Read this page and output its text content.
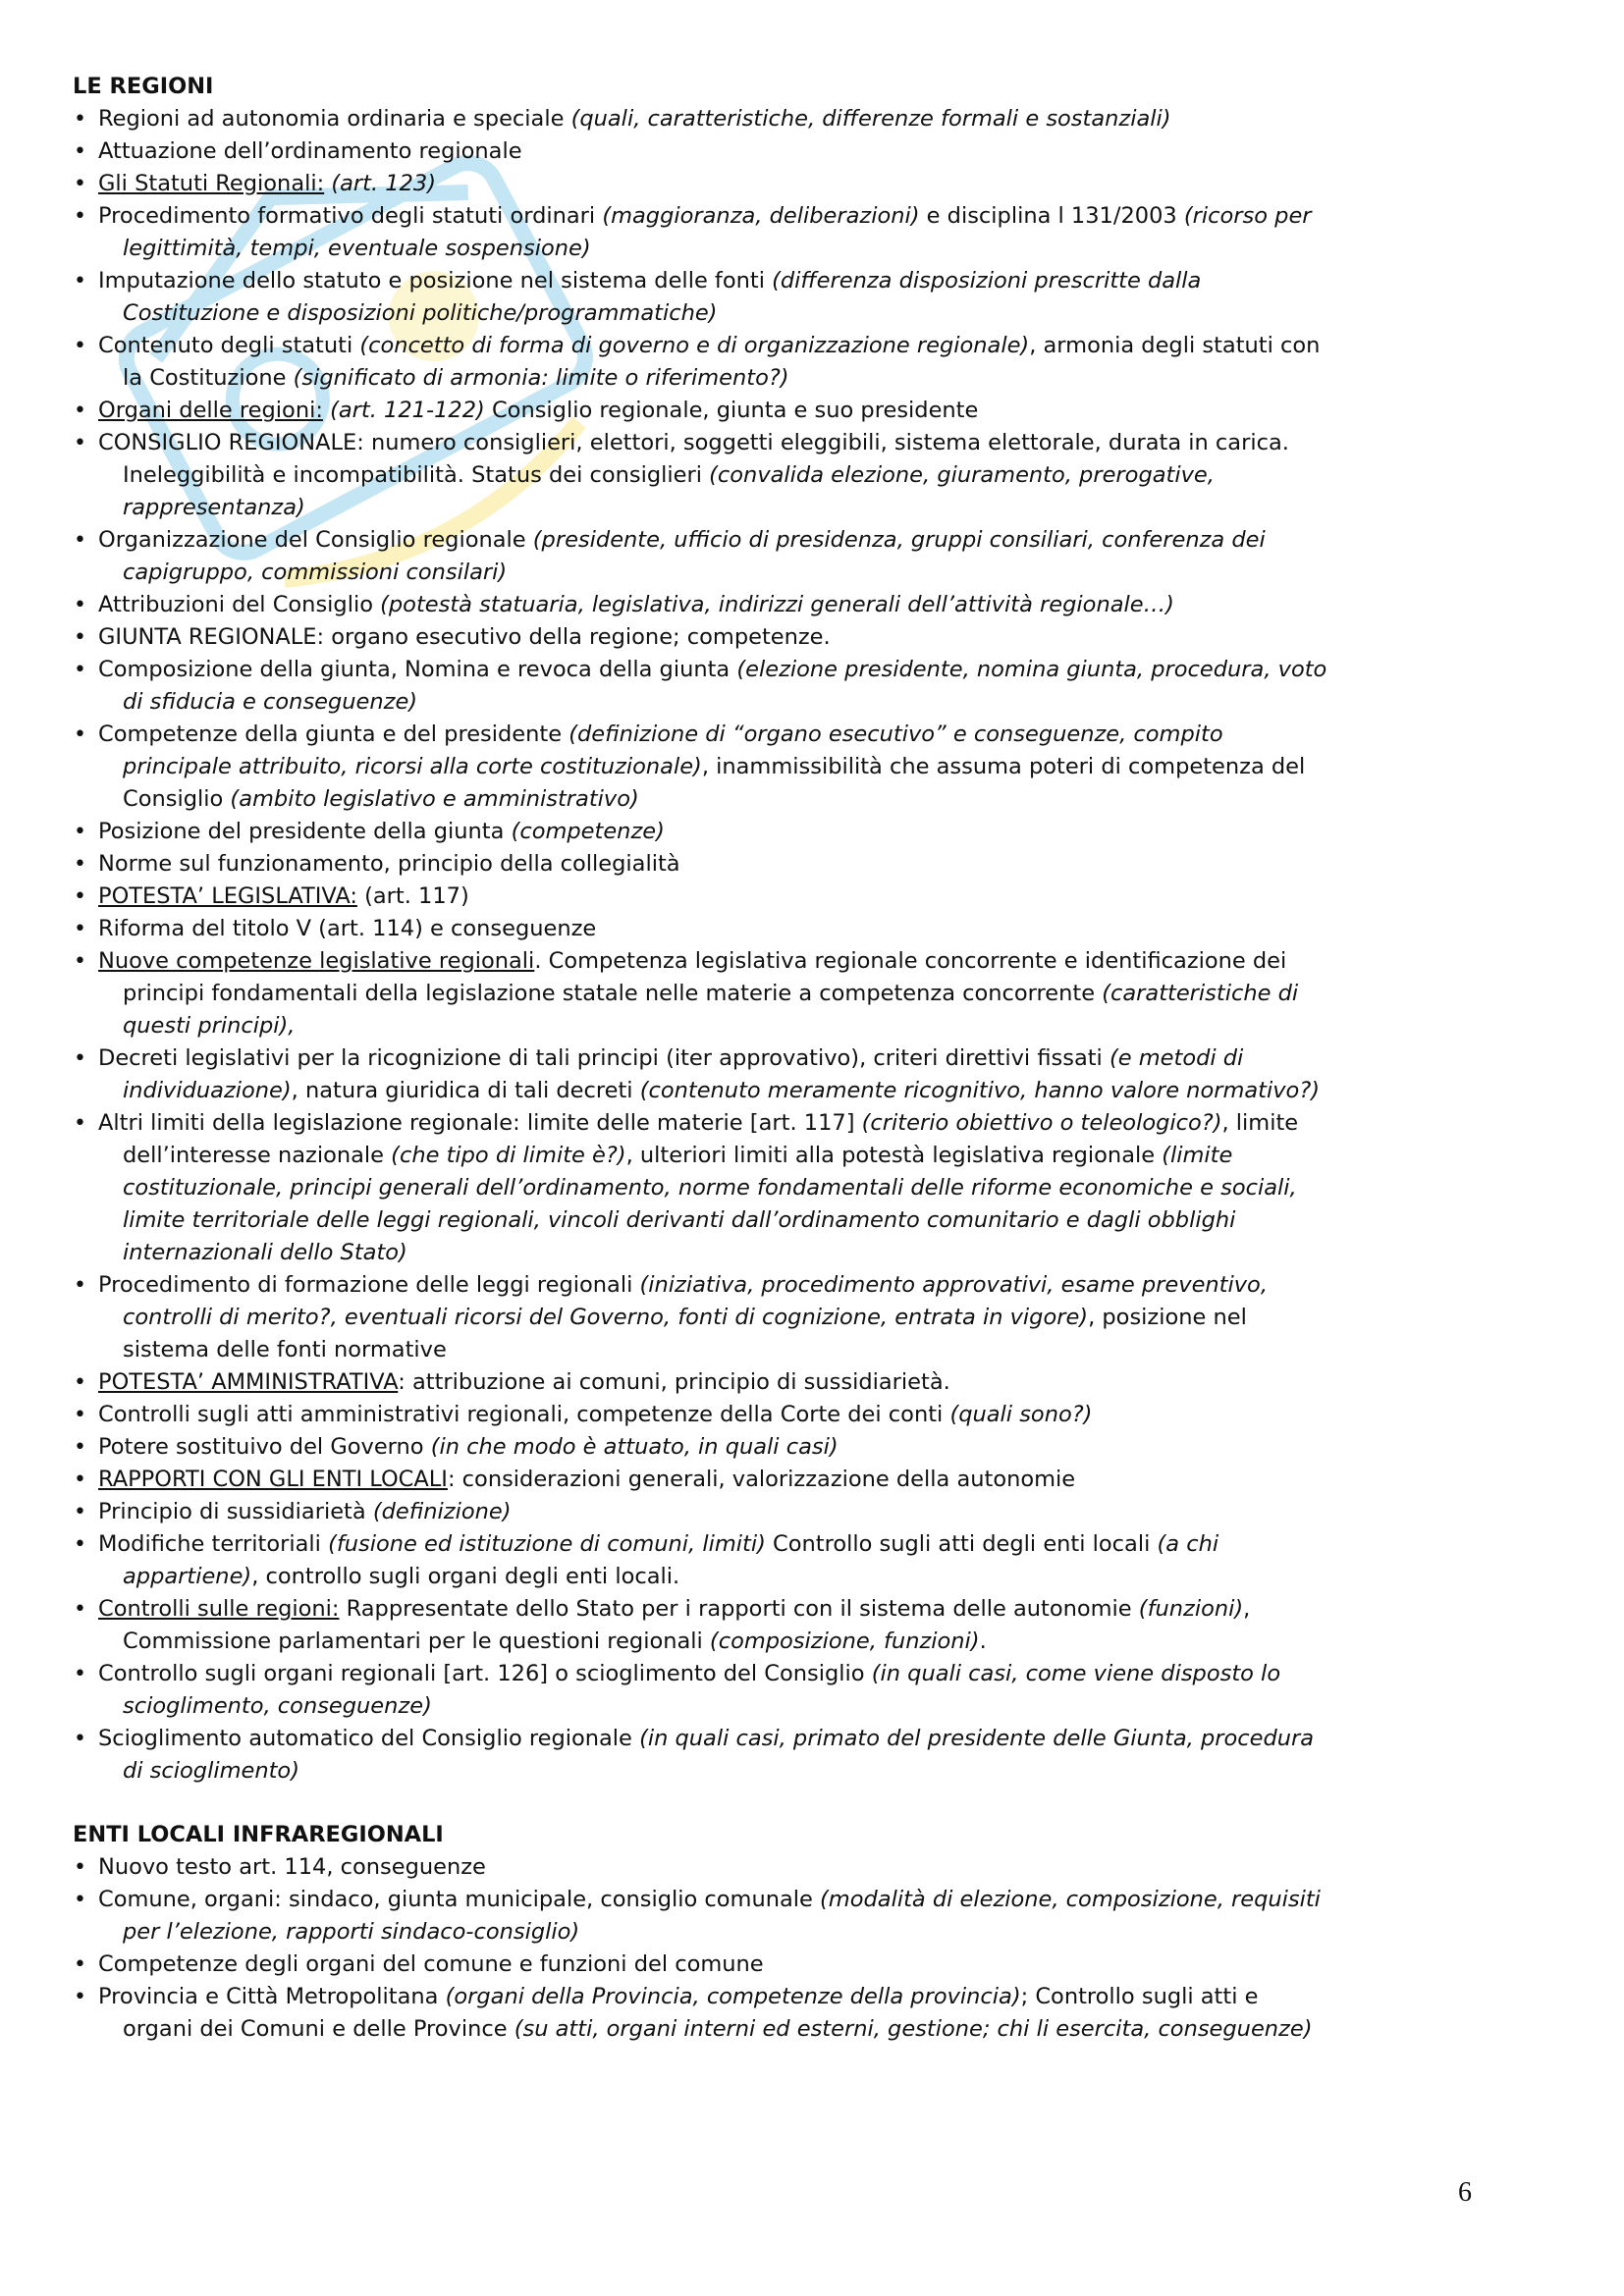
LE REGIONI
• Regioni ad autonomia ordinaria e speciale (quali, caratteristiche, differenze formali e sostanziali)
• Attuazione dell’ordinamento regionale
• Gli Statuti Regionali: (art. 123)
• Procedimento formativo degli statuti ordinari (maggioranza, deliberazioni) e disciplina l 131/2003 (ricorso per
legittimità, tempi, eventuale sospensione)
• Imputazione dello statuto e posizione nel sistema delle fonti (differenza disposizioni prescritte dalla
Costituzione e disposizioni politiche/programmatiche)
• Contenuto degli statuti (concetto di forma di governo e di organizzazione regionale), armonia degli statuti con
la Costituzione (significato di armonia: limite o riferimento?)
• Organi delle regioni: (art. 121-122) Consiglio regionale, giunta e suo presidente
• CONSIGLIO REGIONALE: numero consiglieri, elettori, soggetti eleggibili, sistema elettorale, durata in carica.
Ineleggibilità e incompatibilità. Status dei consiglieri (convalida elezione, giuramento, prerogative,
rappresentanza)
• Organizzazione del Consiglio regionale (presidente, ufficio di presidenza, gruppi consiliari, conferenza dei
capigruppo, commissioni consilari)
• Attribuzioni del Consiglio (potestà statuaria, legislativa, indirizzi generali dell’attività regionale…)
• GIUNTA REGIONALE: organo esecutivo della regione; competenze.
• Composizione della giunta, Nomina e revoca della giunta (elezione presidente, nomina giunta, procedura, voto
di sfiducia e conseguenze)
• Competenze della giunta e del presidente (definizione di “organo esecutivo” e conseguenze, compito
principale attribuito, ricorsi alla corte costituzionale), inammissibilità che assuma poteri di competenza del
Consiglio (ambito legislativo e amministrativo)
• Posizione del presidente della giunta (competenze)
• Norme sul funzionamento, principio della collegialità
• POTESTA’ LEGISLATIVA: (art. 117)
• Riforma del titolo V (art. 114) e conseguenze
• Nuove competenze legislative regionali. Competenza legislativa regionale concorrente e identificazione dei
principi fondamentali della legislazione statale nelle materie a competenza concorrente (caratteristiche di
questi principi),
• Decreti legislativi per la ricognizione di tali principi (iter approvativo), criteri direttivi fissati (e metodi di
individuazione), natura giuridica di tali decreti (contenuto meramente ricognitivo, hanno valore normativo?)
• Altri limiti della legislazione regionale: limite delle materie [art. 117] (criterio obiettivo o teleologico?), limite
dell’interesse nazionale (che tipo di limite è?), ulteriori limiti alla potestà legislativa regionale (limite
costituzionale, principi generali dell’ordinamento, norme fondamentali delle riforme economiche e sociali,
limite territoriale delle leggi regionali, vincoli derivanti dall’ordinamento comunitario e dagli obblighi
internazionali dello Stato)
• Procedimento di formazione delle leggi regionali (iniziativa, procedimento approvativi, esame preventivo,
controlli di merito?, eventuali ricorsi del Governo, fonti di cognizione, entrata in vigore), posizione nel
sistema delle fonti normative
• POTESTA’ AMMINISTRATIVA: attribuzione ai comuni, principio di sussidiarietà.
• Controlli sugli atti amministrativi regionali, competenze della Corte dei conti (quali sono?)
• Potere sostituivo del Governo (in che modo è attuato, in quali casi)
• RAPPORTI CON GLI ENTI LOCALI: considerazioni generali, valorizzazione della autonomie
• Principio di sussidiarietà (definizione)
• Modifiche territoriali (fusione ed istituzione di comuni, limiti) Controllo sugli atti degli enti locali (a chi
appartiene), controllo sugli organi degli enti locali.
• Controlli sulle regioni: Rappresentate dello Stato per i rapporti con il sistema delle autonomie (funzioni),
Commissione parlamentari per le questioni regionali (composizione, funzioni).
• Controllo sugli organi regionali [art. 126] o scioglimento del Consiglio (in quali casi, come viene disposto lo
scioglimento, conseguenze)
• Scioglimento automatico del Consiglio regionale (in quali casi, primato del presidente delle Giunta, procedura
di scioglimento)
ENTI LOCALI INFRAREGIONALI
• Nuovo testo art. 114, conseguenze
• Comune, organi: sindaco, giunta municipale, consiglio comunale (modalità di elezione, composizione, requisiti
per l’elezione, rapporti sindaco-consiglio)
• Competenze degli organi del comune e funzioni del comune
• Provincia e Città Metropolitana (organi della Provincia, competenze della provincia); Controllo sugli atti e
organi dei Comuni e delle Province (su atti, organi interni ed esterni, gestione; chi li esercita, conseguenze)
6
